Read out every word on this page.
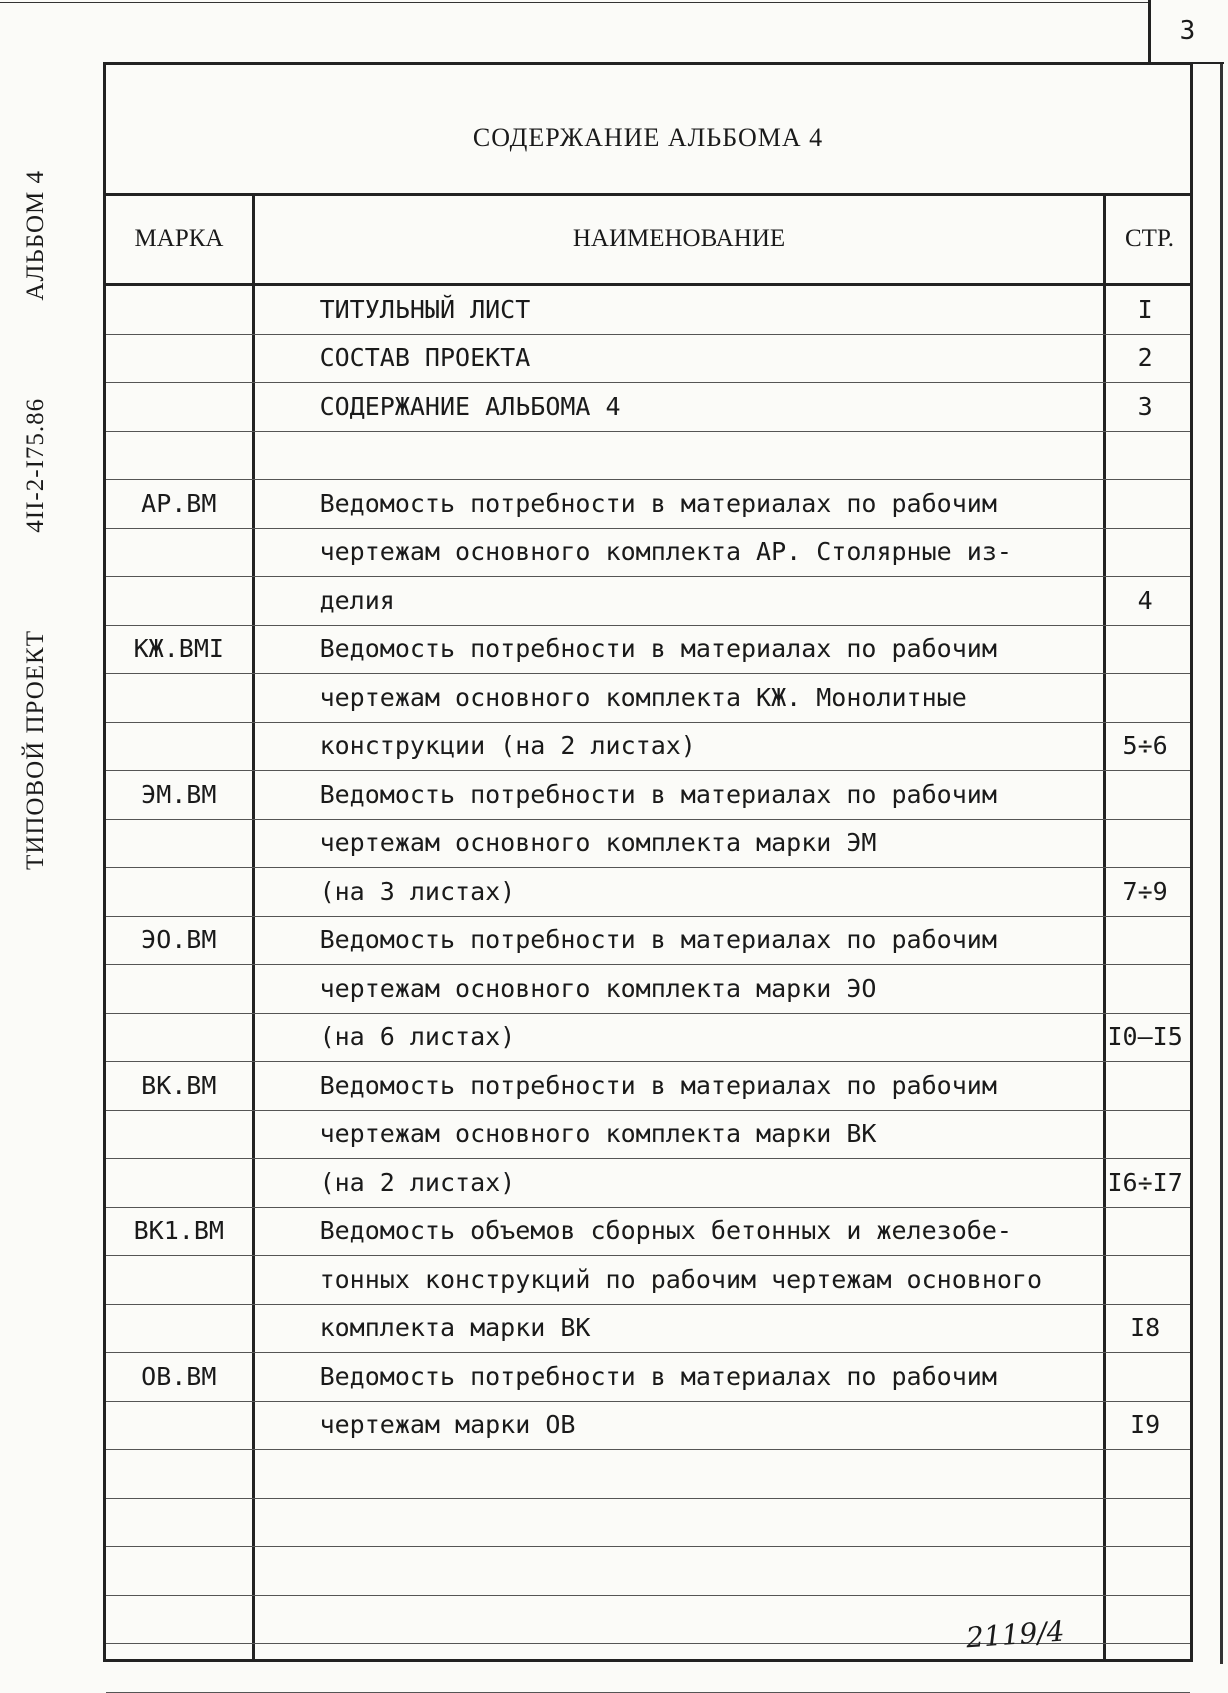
3
ТИПОВОЙ ПРОЕКТ
4II-2-I75.86
АЛЬБОМ 4
СОДЕРЖАНИЕ АЛЬБОМА 4
МАРКА	НАИМЕНОВАНИЕ	СТР.
ТИТУЛЬНЫЙ ЛИСТ	I
СОСТАВ ПРОЕКТА	2
СОДЕРЖАНИЕ АЛЬБОМА 4	3
АР.ВМ	Ведомость потребности в материалах по рабочим
чертежам основного комплекта АР. Столярные из-
делия	4
КЖ.ВМI	Ведомость потребности в материалах по рабочим
чертежам основного комплекта КЖ. Монолитные
конструкции (на 2 листах)	5÷6
ЭМ.ВМ	Ведомость потребности в материалах по рабочим
чертежам основного комплекта марки ЭМ
(на 3 листах)	7÷9
ЭО.ВМ	Ведомость потребности в материалах по рабочим
чертежам основного комплекта марки ЭО
(на 6 листах)	I0–I5
ВК.ВМ	Ведомость потребности в материалах по рабочим
чертежам основного комплекта марки ВК
(на 2 листах)	I6÷I7
ВК1.ВМ	Ведомость объемов сборных бетонных и железобе-
тонных конструкций по рабочим чертежам основного
комплекта марки ВК	I8
ОВ.ВМ	Ведомость потребности в материалах по рабочим
чертежам марки ОВ	I9
2119/4
